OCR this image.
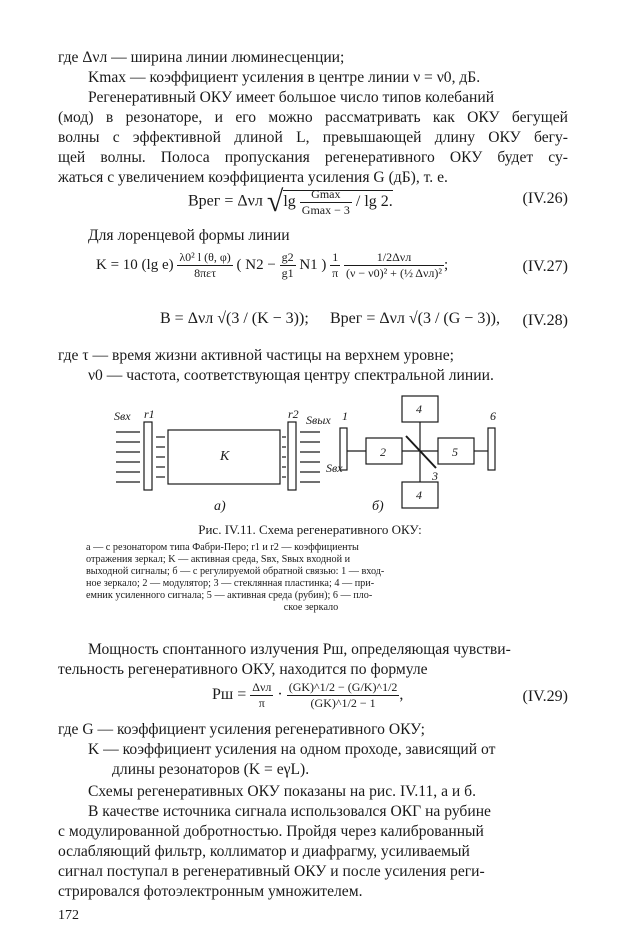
где Δνл — ширина линии люминесценции;
Kmax — коэффициент усиления в центре линии ν = ν0, дБ.
Регенеративный ОКУ имеет большое число типов колебаний
(мод) в резонаторе, и его можно рассматривать как ОКУ бегущей
волны с эффективной длиной L, превышающей длину ОКУ бегу-
щей волны. Полоса пропускания регенеративного ОКУ будет су-
жаться с увеличением коэффициента усиления G (дБ), т. е.
Bрег = Δνл $√\lg \frac{Gmax}{Gmax - 3}$ / lg 2.	(IV.26)
Для лоренцевой формы линии
K = 10 (lg $e) \frac{\text{λ0² l (θ, φ)}}{\text{8πετ}}$ ( $N2 - \frac{g2}{g1} N1$ ) $\frac{1}{\pi}$
$\frac{\text{1/2Δνл}}{\text{(ν − ν0)² + (½ Δνл)²}}$ ;	(IV.27)
B = Δνл √(3 / (K − 3)); Bрег = Δνл √(3 / (G − 3)), (IV.28)
где τ — время жизни активной частицы на верхнем уровне;
ν0 — частота, соответствующая центру спектральной линии.
Sвх r1	r2 Sвых
K
а)
1
2
3
4
4
5
6
Sвх
б)
Рис. IV.11. Схема регенеративного ОКУ:
а — с резонатором типа Фабри-Перо; r1 и r2 — коэффициенты
отражения зеркал; K — активная среда, Sвх, Sвых входной и
выходной сигналы; б — с регулируемой обратной связью: 1 — вход-
ное зеркало; 2 — модулятор; 3 — стеклянная пластинка; 4 — при-
емник усиленного сигнала; 5 — активная среда (рубин); 6 — пло-
ское зеркало
Мощность спонтанного излучения Pш, определяющая чувстви-
тельность регенеративного ОКУ, находится по формуле
Pш = $\frac{\text{Δνл}}{\pi} \cdot \frac{(GK)\^{}1/2 - (G/K)\^{}1/2}{(GK)\^{}1/2 - 1}$ ,	(IV.29)
где G — коэффициент усиления регенеративного ОКУ;
K — коэффициент усиления на одном проходе, зависящий от
длины резонаторов (K = eγL).
Схемы регенеративных ОКУ показаны на рис. IV.11, а и б.
В качестве источника сигнала использовался ОКГ на рубине
с модулированной добротностью. Пройдя через калиброванный
ослабляющий фильтр, коллиматор и диафрагму, усиливаемый
сигнал поступал в регенеративный ОКУ и после усиления реги-
стрировался фотоэлектронным умножителем.
172
